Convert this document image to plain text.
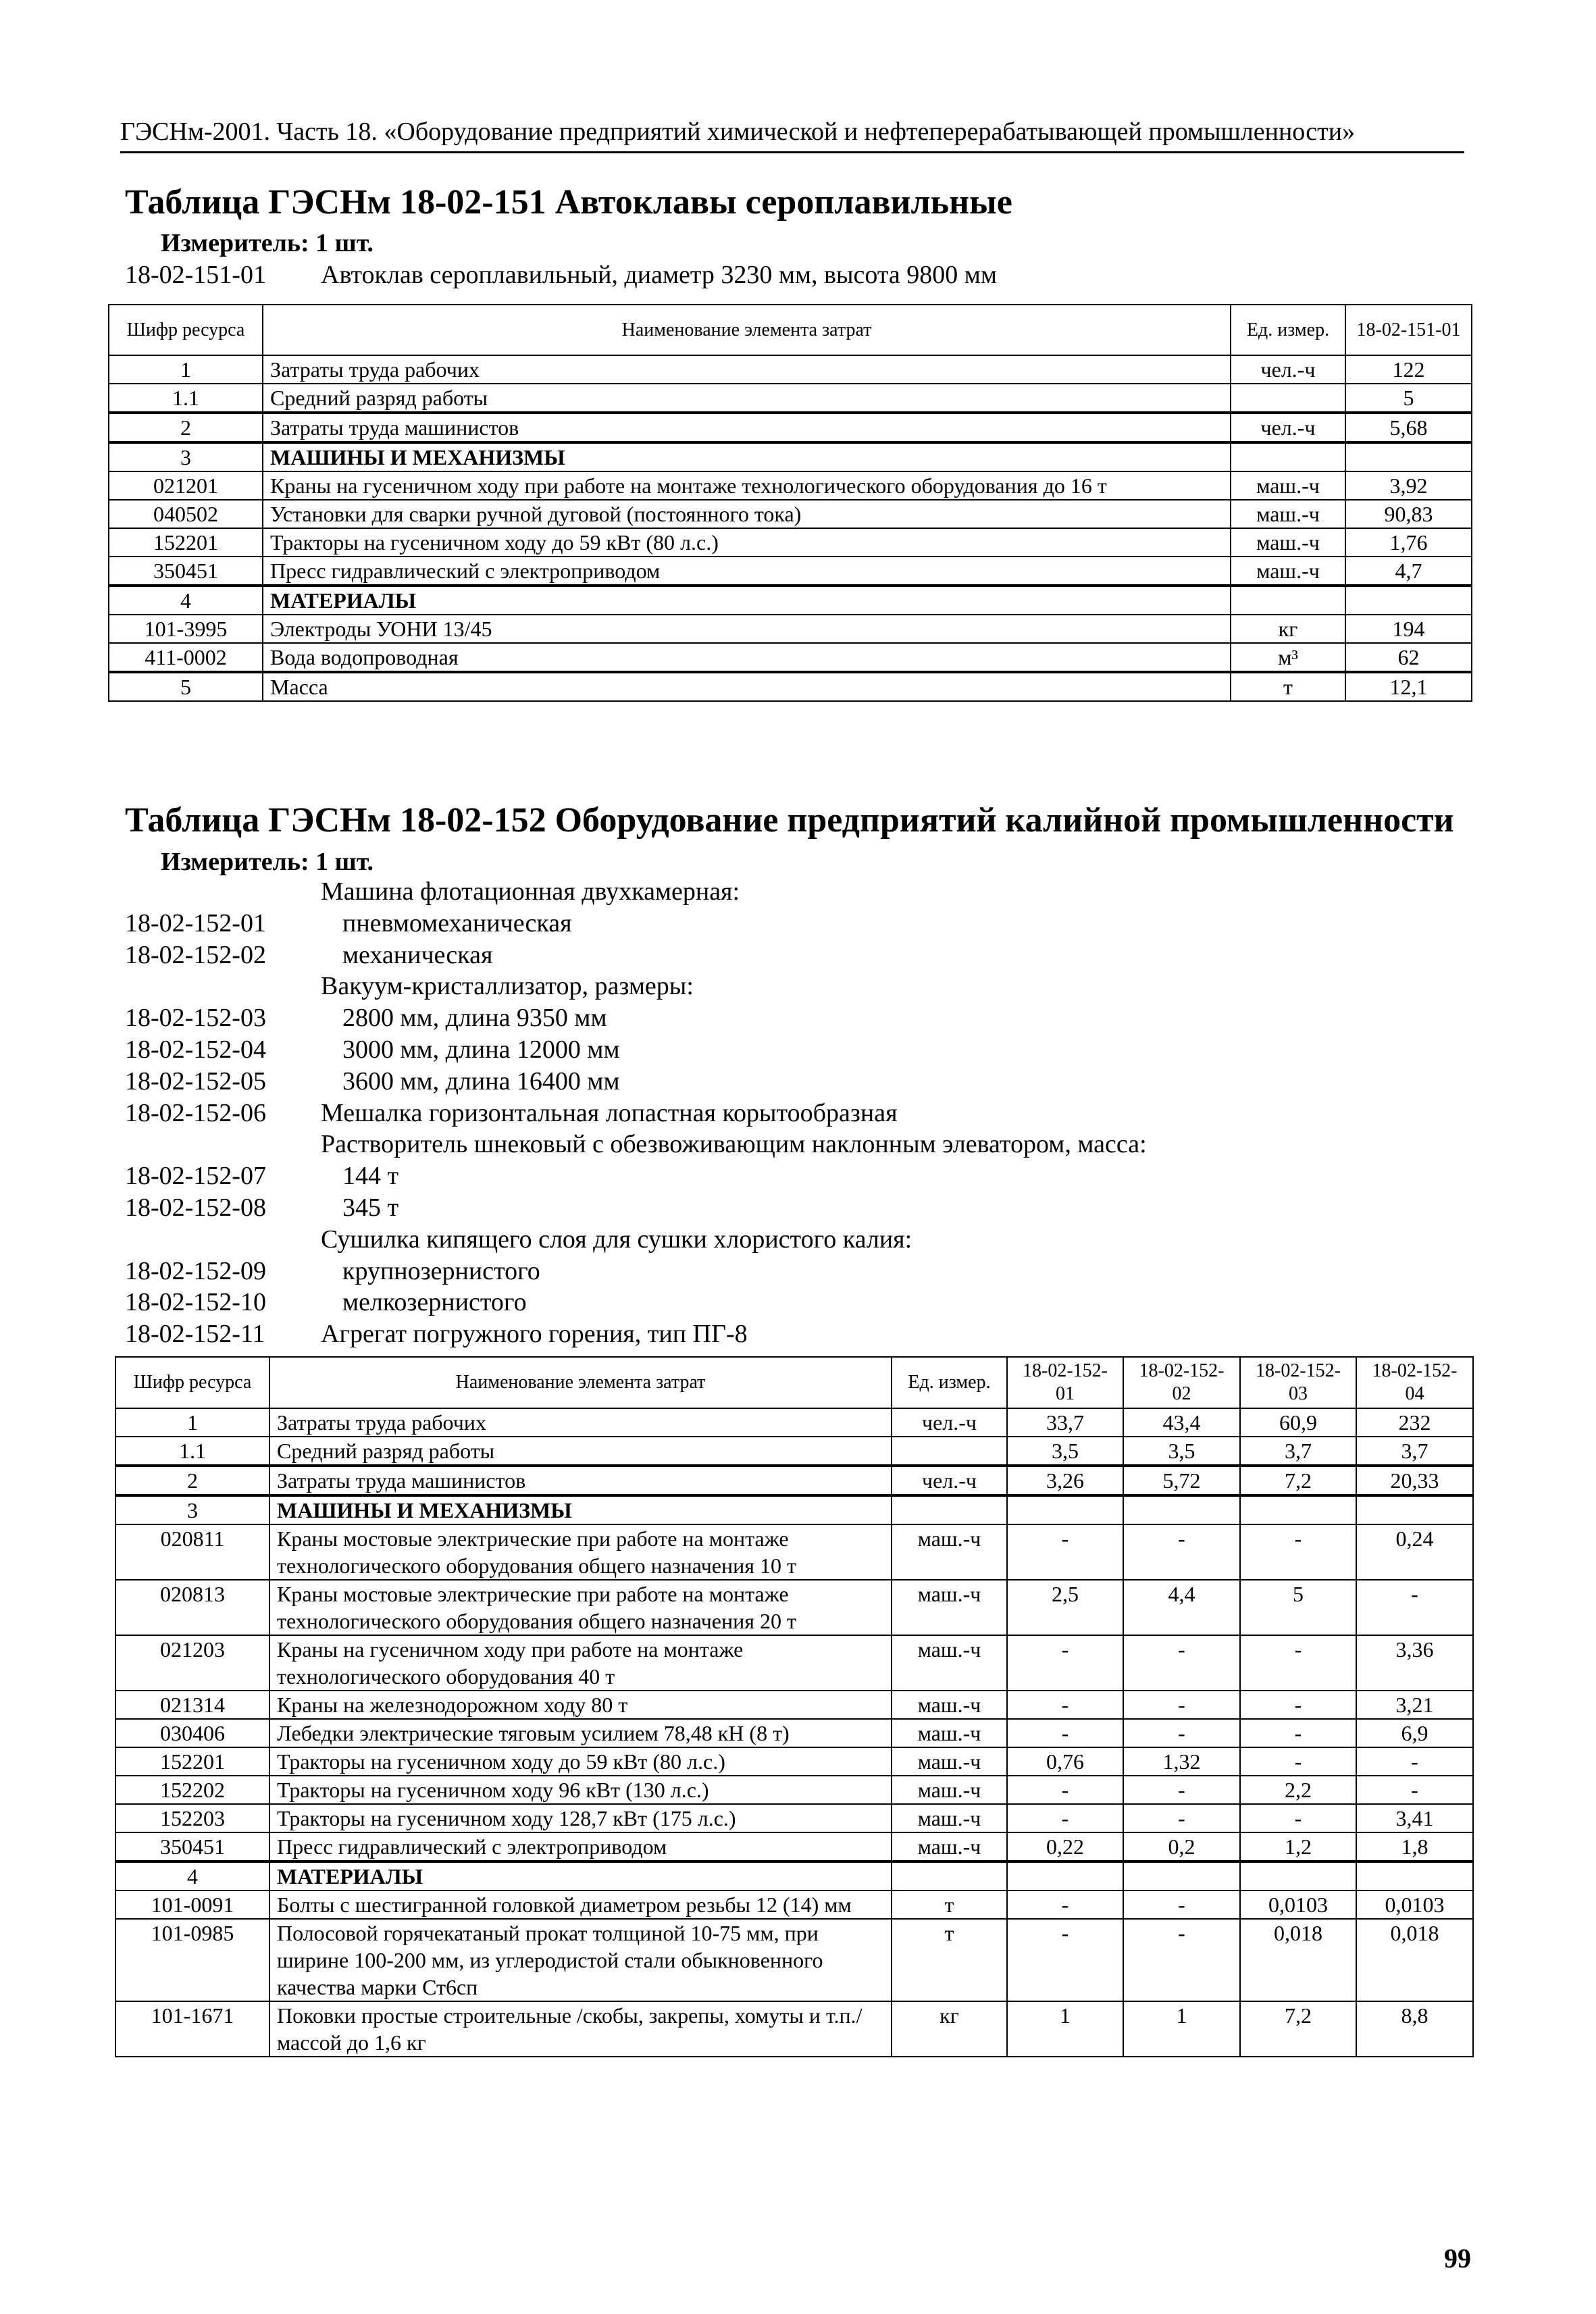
ГЭСНм-2001. Часть 18. «Оборудование предприятий химической и нефтеперерабатывающей промышленности»
Таблица ГЭСНм 18-02-151 Автоклавы сероплавильные
Измеритель: 1 шт.
18-02-151-01	Автоклав сероплавильный, диаметр 3230 мм, высота 9800 мм
Шифр ресурса	Наименование элемента затрат	Ед. измер.	18-02-151-01
1	Затраты труда рабочих	чел.-ч	122
1.1	Средний разряд работы		5
2	Затраты труда машинистов	чел.-ч	5,68
3	МАШИНЫ И МЕХАНИЗМЫ		
021201	Краны на гусеничном ходу при работе на монтаже технологического оборудования до 16 т	маш.-ч	3,92
040502	Установки для сварки ручной дуговой (постоянного тока)	маш.-ч	90,83
152201	Тракторы на гусеничном ходу до 59 кВт (80 л.с.)	маш.-ч	1,76
350451	Пресс гидравлический с электроприводом	маш.-ч	4,7
4	МАТЕРИАЛЫ		
101-3995	Электроды УОНИ 13/45	кг	194
411-0002	Вода водопроводная	м³	62
5	Масса	т	12,1
Таблица ГЭСНм 18-02-152 Оборудование предприятий калийной промышленности
Измеритель: 1 шт.
Машина флотационная двухкамерная:
18-02-152-01	пневмомеханическая
18-02-152-02	механическая
Вакуум-кристаллизатор, размеры:
18-02-152-03	2800 мм, длина 9350 мм
18-02-152-04	3000 мм, длина 12000 мм
18-02-152-05	3600 мм, длина 16400 мм
18-02-152-06	Мешалка горизонтальная лопастная корытообразная
Растворитель шнековый с обезвоживающим наклонным элеватором, масса:
18-02-152-07	144 т
18-02-152-08	345 т
Сушилка кипящего слоя для сушки хлористого калия:
18-02-152-09	крупнозернистого
18-02-152-10	мелкозернистого
18-02-152-11	Агрегат погружного горения, тип ПГ-8
Шифр ресурса	Наименование элемента затрат	Ед. измер.	18-02-152-01	18-02-152-02	18-02-152-03	18-02-152-04
1	Затраты труда рабочих	чел.-ч	33,7	43,4	60,9	232
1.1	Средний разряд работы		3,5	3,5	3,7	3,7
2	Затраты труда машинистов	чел.-ч	3,26	5,72	7,2	20,33
3	МАШИНЫ И МЕХАНИЗМЫ					
020811	Краны мостовые электрические при работе на монтаже технологического оборудования общего назначения 10 т	маш.-ч	-	-	-	0,24
020813	Краны мостовые электрические при работе на монтаже технологического оборудования общего назначения 20 т	маш.-ч	2,5	4,4	5	-
021203	Краны на гусеничном ходу при работе на монтаже технологического оборудования 40 т	маш.-ч	-	-	-	3,36
021314	Краны на железнодорожном ходу 80 т	маш.-ч	-	-	-	3,21
030406	Лебедки электрические тяговым усилием 78,48 кН (8 т)	маш.-ч	-	-	-	6,9
152201	Тракторы на гусеничном ходу до 59 кВт (80 л.с.)	маш.-ч	0,76	1,32	-	-
152202	Тракторы на гусеничном ходу 96 кВт (130 л.с.)	маш.-ч	-	-	2,2	-
152203	Тракторы на гусеничном ходу 128,7 кВт (175 л.с.)	маш.-ч	-	-	-	3,41
350451	Пресс гидравлический с электроприводом	маш.-ч	0,22	0,2	1,2	1,8
4	МАТЕРИАЛЫ					
101-0091	Болты с шестигранной головкой диаметром резьбы 12 (14) мм	т	-	-	0,0103	0,0103
101-0985	Полосовой горячекатаный прокат толщиной 10-75 мм, при ширине 100-200 мм, из углеродистой стали обыкновенного качества марки Ст6сп	т	-	-	0,018	0,018
101-1671	Поковки простые строительные /скобы, закрепы, хомуты и т.п./ массой до 1,6 кг	кг	1	1	7,2	8,8
99
